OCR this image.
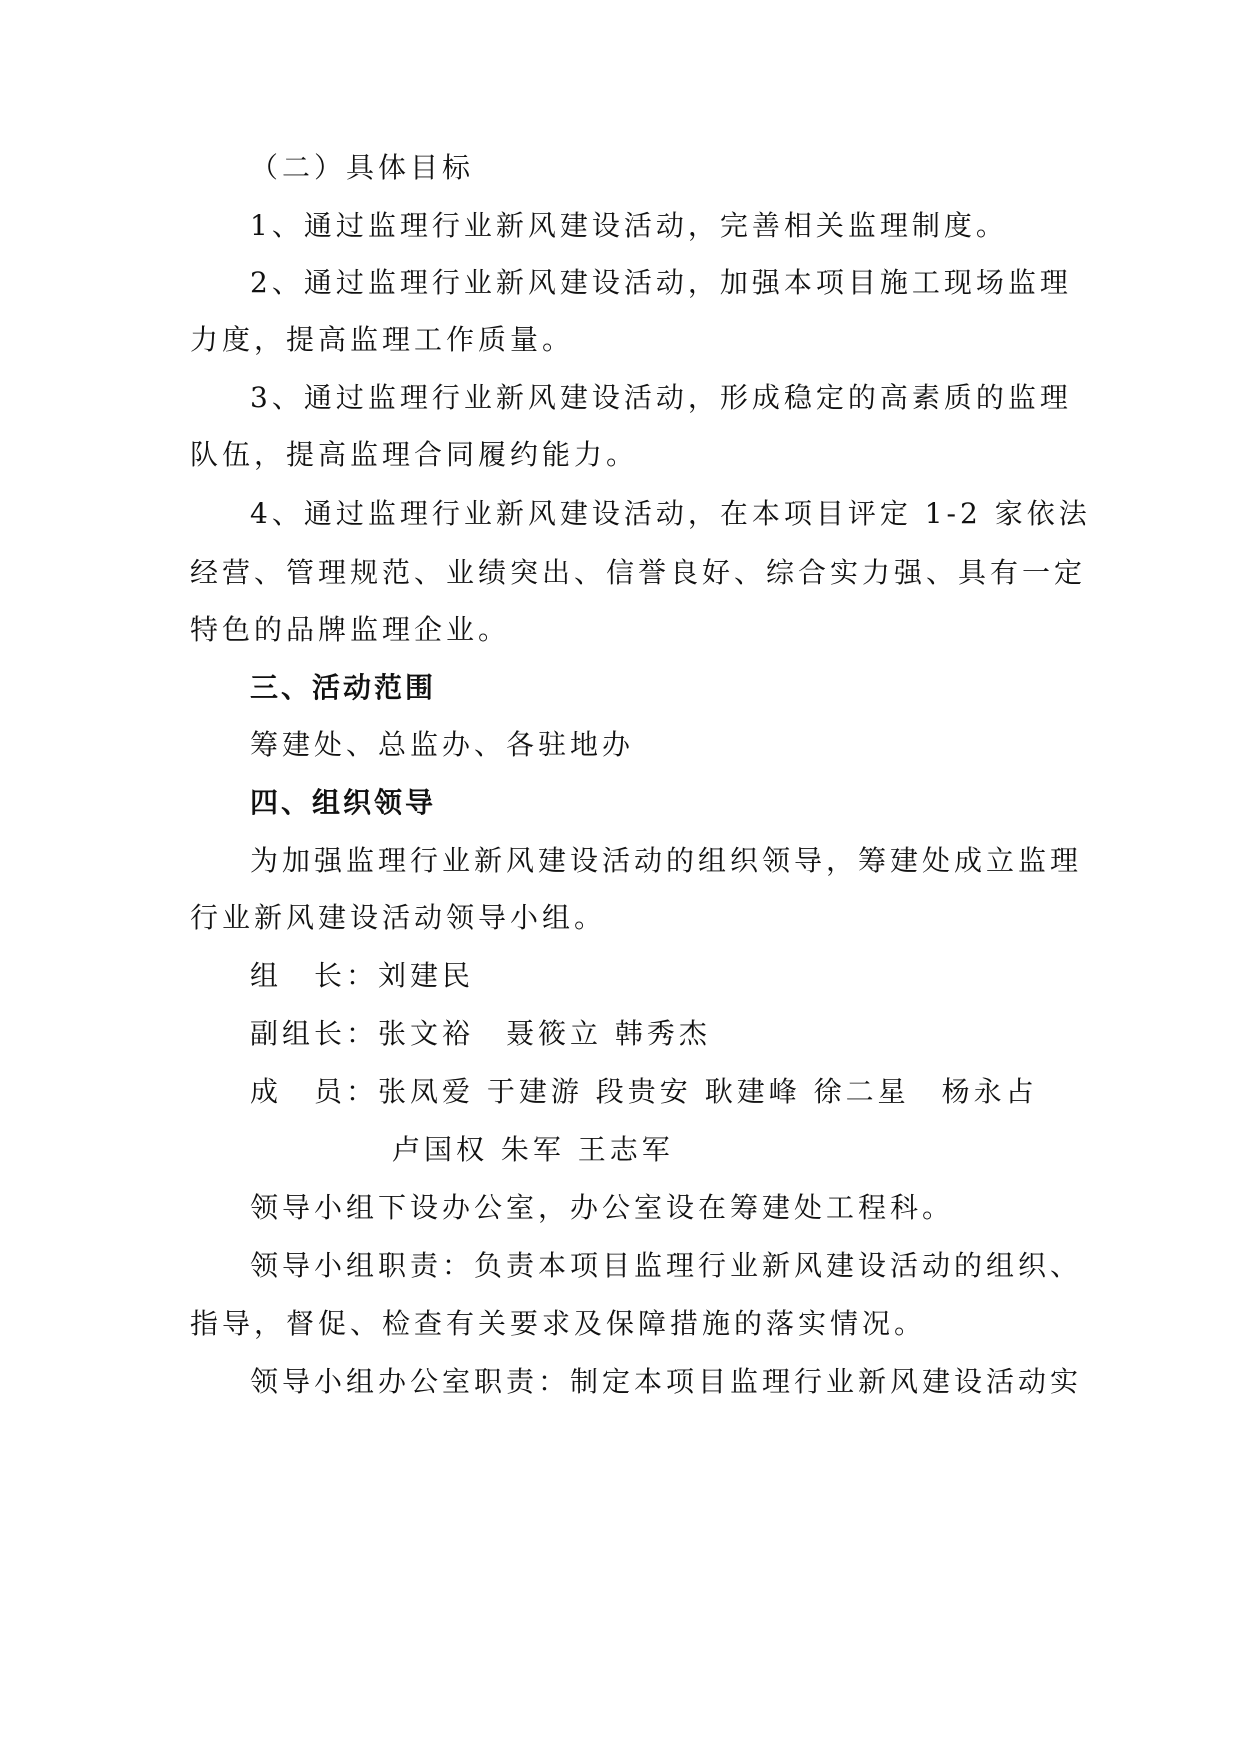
（二）具体目标
1、通过监理行业新风建设活动，完善相关监理制度。
2、通过监理行业新风建设活动，加强本项目施工现场监理
力度，提高监理工作质量。
3、通过监理行业新风建设活动，形成稳定的高素质的监理
队伍，提高监理合同履约能力。
4、通过监理行业新风建设活动，在本项目评定 1-2 家依法
经营、管理规范、业绩突出、信誉良好、综合实力强、具有一定
特色的品牌监理企业。
三、活动范围
筹建处、总监办、各驻地办
四、组织领导
为加强监理行业新风建设活动的组织领导，筹建处成立监理
行业新风建设活动领导小组。
组　长：刘建民
副组长：张文裕　聂筱立 韩秀杰
成　员：张凤爱 于建游 段贵安 耿建峰 徐二星　杨永占
卢国权 朱军 王志军
领导小组下设办公室，办公室设在筹建处工程科。
领导小组职责：负责本项目监理行业新风建设活动的组织、
指导，督促、检查有关要求及保障措施的落实情况。
领导小组办公室职责：制定本项目监理行业新风建设活动实
